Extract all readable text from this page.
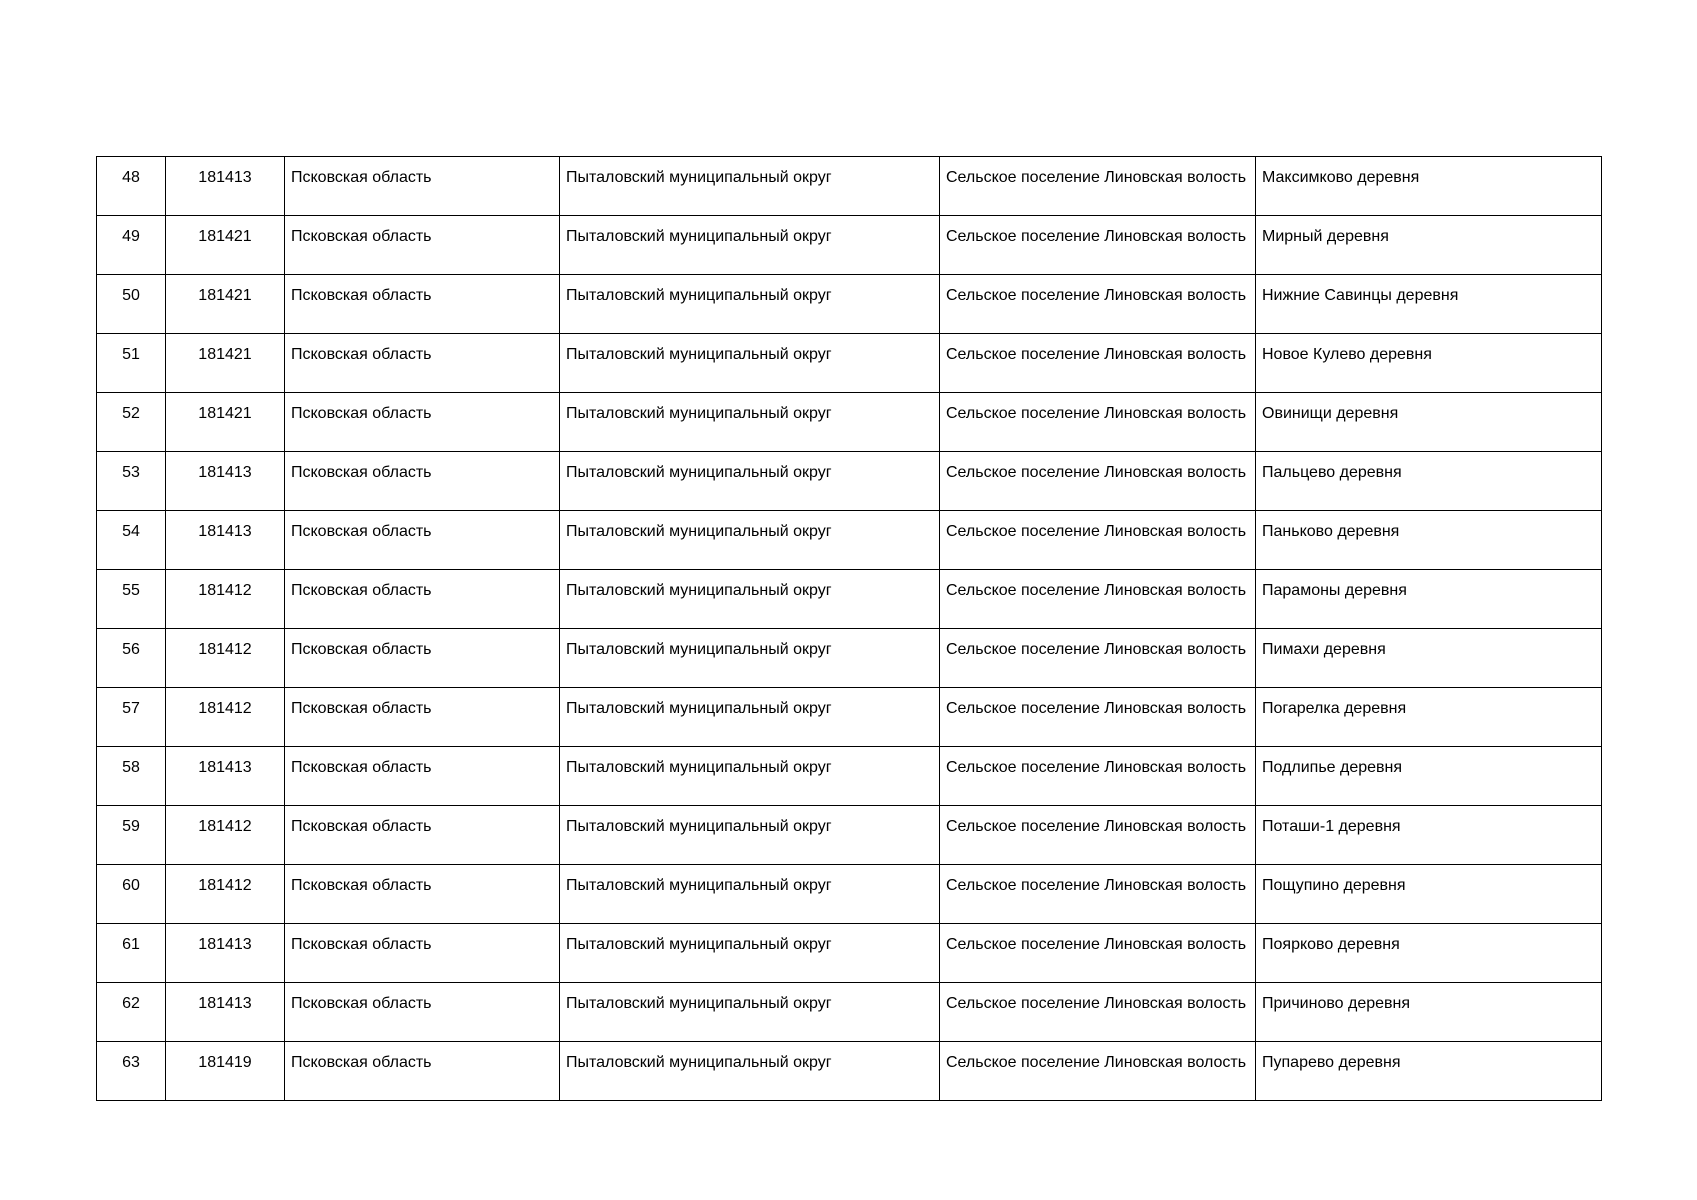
48	181413	Псковская область	Пыталовский муниципальный округ	Сельское поселение Линовская волость	Максимково деревня

49	181421	Псковская область	Пыталовский муниципальный округ	Сельское поселение Линовская волость	Мирный деревня

50	181421	Псковская область	Пыталовский муниципальный округ	Сельское поселение Линовская волость	Нижние Савинцы деревня

51	181421	Псковская область	Пыталовский муниципальный округ	Сельское поселение Линовская волость	Новое Кулево деревня

52	181421	Псковская область	Пыталовский муниципальный округ	Сельское поселение Линовская волость	Овинищи деревня

53	181413	Псковская область	Пыталовский муниципальный округ	Сельское поселение Линовская волость	Пальцево деревня

54	181413	Псковская область	Пыталовский муниципальный округ	Сельское поселение Линовская волость	Паньково деревня

55	181412	Псковская область	Пыталовский муниципальный округ	Сельское поселение Линовская волость	Парамоны деревня

56	181412	Псковская область	Пыталовский муниципальный округ	Сельское поселение Линовская волость	Пимахи деревня

57	181412	Псковская область	Пыталовский муниципальный округ	Сельское поселение Линовская волость	Погарелка деревня

58	181413	Псковская область	Пыталовский муниципальный округ	Сельское поселение Линовская волость	Подлипье деревня

59	181412	Псковская область	Пыталовский муниципальный округ	Сельское поселение Линовская волость	Поташи-1 деревня

60	181412	Псковская область	Пыталовский муниципальный округ	Сельское поселение Линовская волость	Пощупино деревня

61	181413	Псковская область	Пыталовский муниципальный округ	Сельское поселение Линовская волость	Поярково деревня

62	181413	Псковская область	Пыталовский муниципальный округ	Сельское поселение Линовская волость	Причиново деревня

63	181419	Псковская область	Пыталовский муниципальный округ	Сельское поселение Линовская волость	Пупарево деревня
